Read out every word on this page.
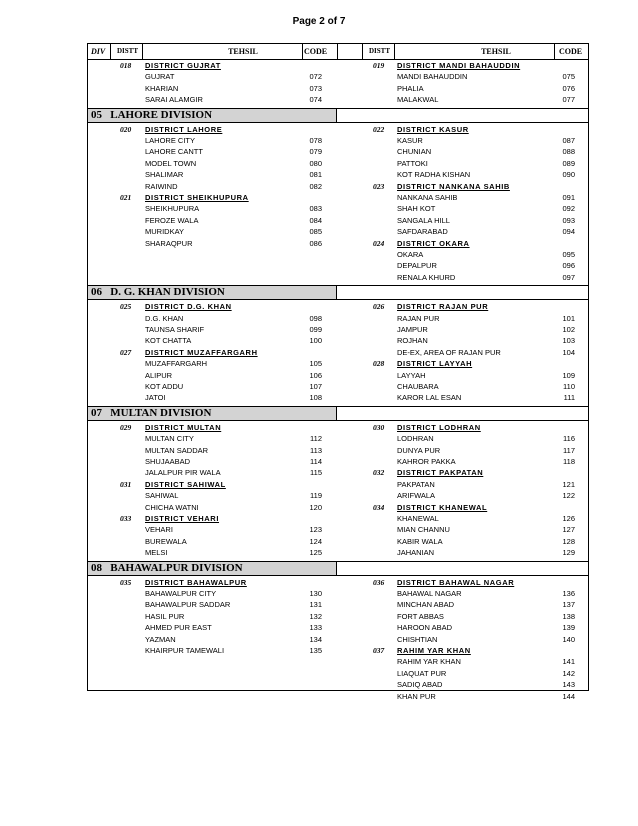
Page 2 of 7
DIV DISTT	TEHSIL	CODE	DISTT	TEHSIL	CODE
018 DISTRICT GUJRAT
GUJRAT	072
KHARIAN	073
SARAI ALAMGIR	074
019 DISTRICT MANDI BAHAUDDIN
MANDI BAHAUDDIN	075
PHALIA	076
MALAKWAL	077
05   LAHORE DIVISION
020 DISTRICT LAHORE
LAHORE CITY	078
LAHORE CANTT	079
MODEL TOWN	080
SHALIMAR	081
RAIWIND	082
021 DISTRICT SHEIKHUPURA
SHEIKHUPURA	083
FEROZE WALA	084
MURIDKAY	085
SHARAQPUR	086
022 DISTRICT KASUR
KASUR	087
CHUNIAN	088
PATTOKI	089
KOT RADHA KISHAN	090
023 DISTRICT NANKANA SAHIB
NANKANA SAHIB	091
SHAH KOT	092
SANGALA HILL	093
SAFDARABAD	094
024 DISTRICT OKARA
OKARA	095
DEPALPUR	096
RENALA KHURD	097
06   D. G. KHAN DIVISION
025 DISTRICT D.G. KHAN
D.G. KHAN	098
TAUNSA SHARIF	099
KOT CHATTA	100
027 DISTRICT MUZAFFARGARH
MUZAFFARGARH	105
ALIPUR	106
KOT ADDU	107
JATOI	108
026 DISTRICT RAJAN PUR
RAJAN PUR	101
JAMPUR	102
ROJHAN	103
DE-EX, AREA OF RAJAN PUR	104
028 DISTRICT LAYYAH
LAYYAH	109
CHAUBARA	110
KAROR LAL ESAN	111
07   MULTAN DIVISION
029 DISTRICT MULTAN
MULTAN CITY	112
MULTAN SADDAR	113
SHUJAABAD	114
JALALPUR PIR WALA	115
031 DISTRICT SAHIWAL
SAHIWAL	119
CHICHA WATNI	120
033 DISTRICT VEHARI
VEHARI	123
BUREWALA	124
MELSI	125
030 DISTRICT LODHRAN
LODHRAN	116
DUNYA PUR	117
KAHROR PAKKA	118
032 DISTRICT PAKPATAN
PAKPATAN	121
ARIFWALA	122
034 DISTRICT KHANEWAL
KHANEWAL	126
MIAN CHANNU	127
KABIR WALA	128
JAHANIAN	129
08   BAHAWALPUR DIVISION
035 DISTRICT BAHAWALPUR
BAHAWALPUR CITY	130
BAHAWALPUR SADDAR	131
HASIL PUR	132
AHMED PUR EAST	133
YAZMAN	134
KHAIRPUR TAMEWALI	135
036 DISTRICT BAHAWAL NAGAR
BAHAWAL NAGAR	136
MINCHAN ABAD	137
FORT ABBAS	138
HAROON ABAD	139
CHISHTIAN	140
037 RAHIM YAR KHAN
RAHIM YAR KHAN	141
LIAQUAT PUR	142
SADIQ ABAD	143
KHAN PUR	144
